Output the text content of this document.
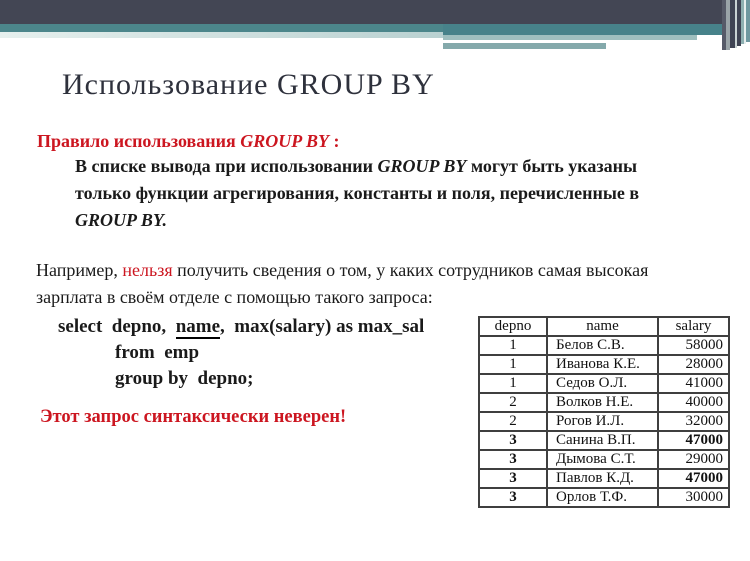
Использование GROUP BY
Правило использования GROUP BY :
В списке вывода при использовании GROUP BY могут быть указаны
только функции агрегирования, константы и поля, перечисленные в
GROUP BY.
Например, нельзя получить сведения о том, у каких сотрудников самая высокая
зарплата в своём отделе с помощью такого запроса:
select  depno,  name,  max(salary) as max_sal
from  emp
group by  depno;
Этот запрос синтаксически неверен!
depno	name	salary
1	Белов С.В.	58000
1	Иванова К.Е.	28000
1	Седов О.Л.	41000
2	Волков Н.Е.	40000
2	Рогов И.Л.	32000
3	Санина В.П.	47000
3	Дымова С.Т.	29000
3	Павлов К.Д.	47000
3	Орлов Т.Ф.	30000
